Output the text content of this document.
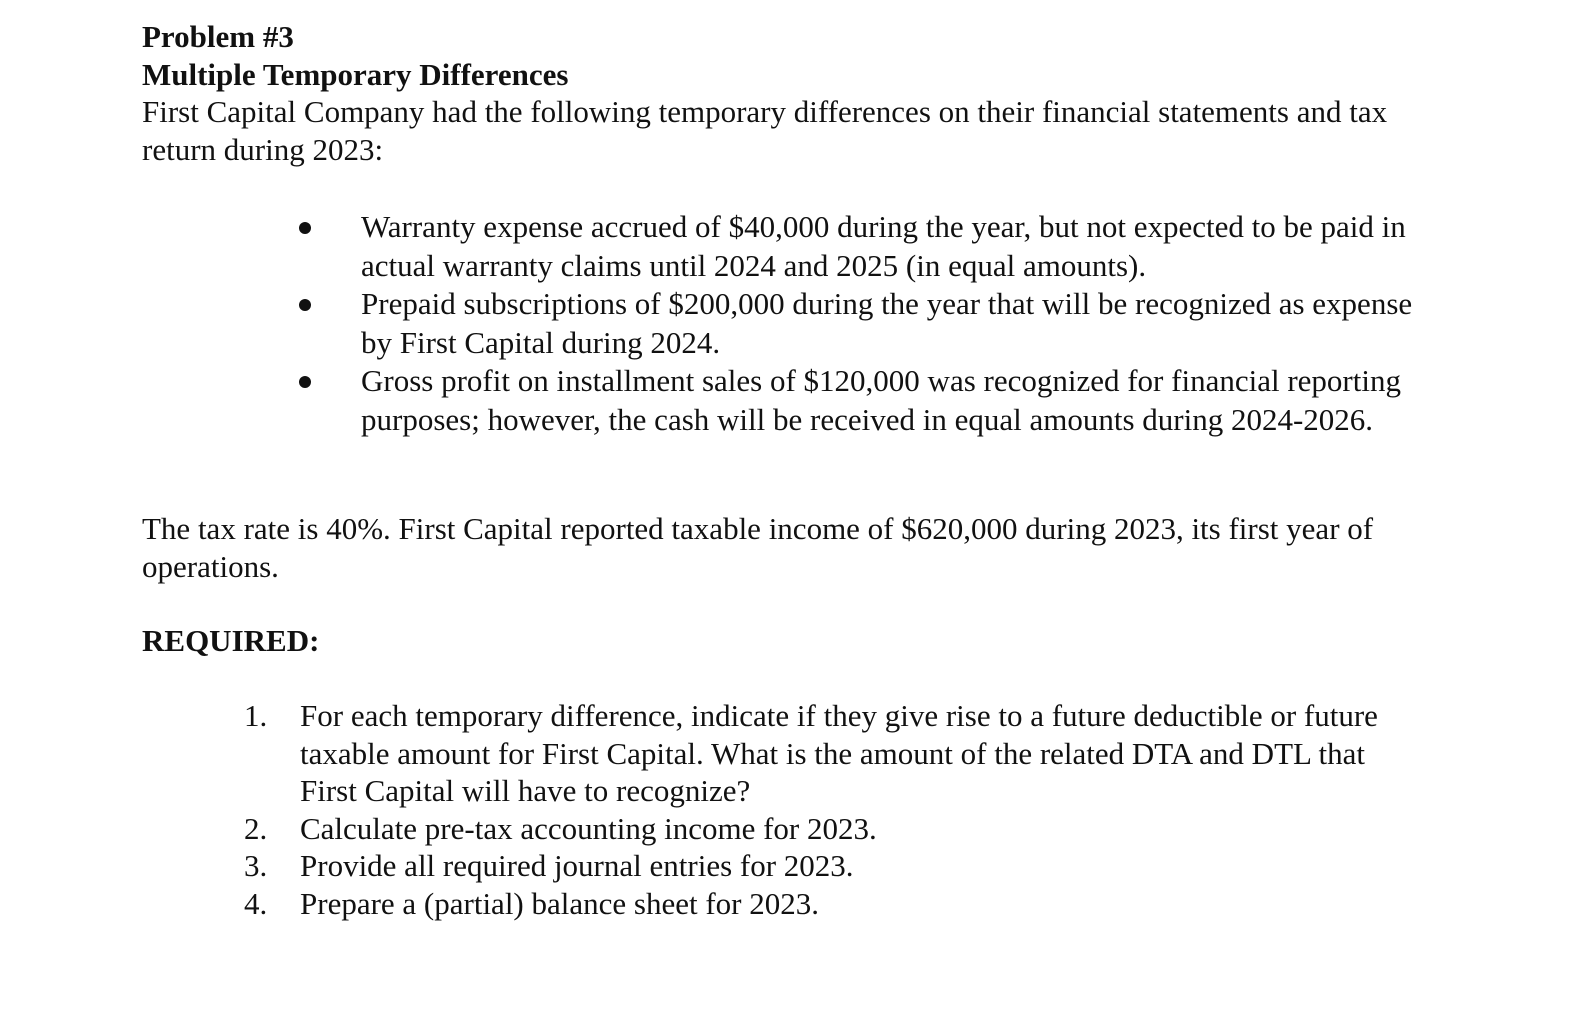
Problem #3
Multiple Temporary Differences
First Capital Company had the following temporary differences on their financial statements and tax return during 2023:
Warranty expense accrued of $40,000 during the year, but not expected to be paid in actual warranty claims until 2024 and 2025 (in equal amounts).
Prepaid subscriptions of $200,000 during the year that will be recognized as expense by First Capital during 2024.
Gross profit on installment sales of $120,000 was recognized for financial reporting purposes; however, the cash will be received in equal amounts during 2024-2026.
The tax rate is 40%. First Capital reported taxable income of $620,000 during 2023, its first year of operations.
REQUIRED:
1. For each temporary difference, indicate if they give rise to a future deductible or future taxable amount for First Capital. What is the amount of the related DTA and DTL that First Capital will have to recognize?
2. Calculate pre-tax accounting income for 2023.
3. Provide all required journal entries for 2023.
4. Prepare a (partial) balance sheet for 2023.
